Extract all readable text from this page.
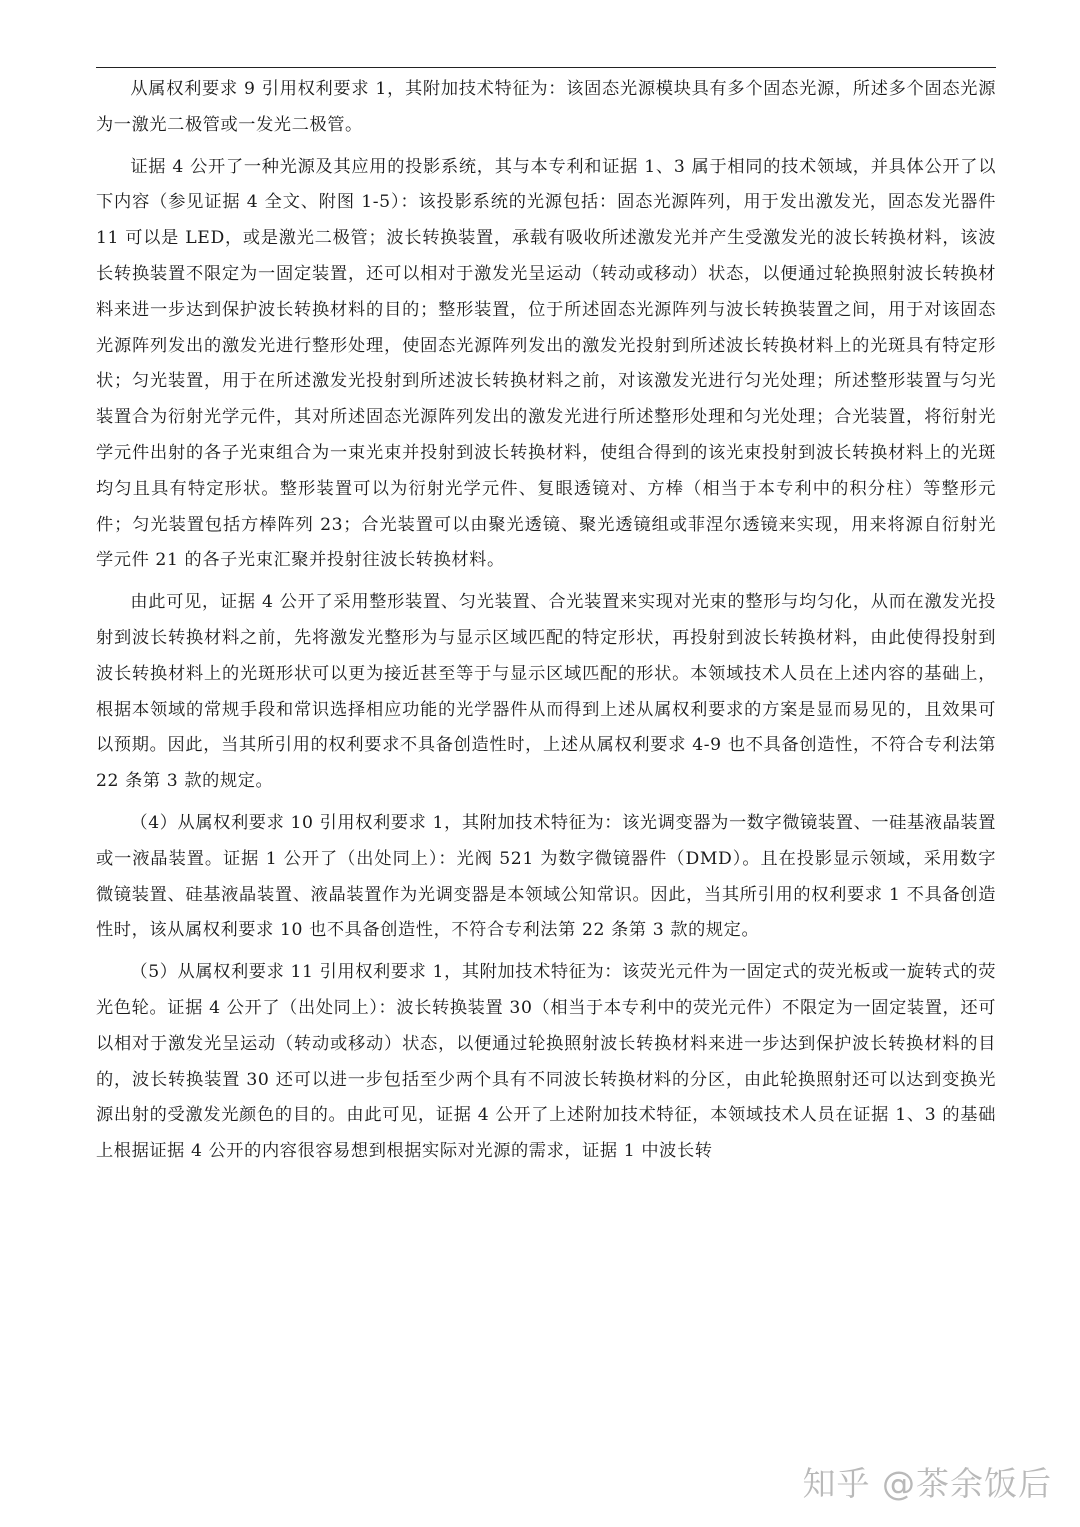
从属权利要求 9 引用权利要求 1，其附加技术特征为：该固态光源模块具有多个固态光源，所述多个固态光源为一激光二极管或一发光二极管。

证据 4 公开了一种光源及其应用的投影系统，其与本专利和证据 1、3 属于相同的技术领域，并具体公开了以下内容（参见证据 4 全文、附图 1-5）：该投影系统的光源包括：固态光源阵列，用于发出激发光，固态发光器件 11 可以是 LED，或是激光二极管；波长转换装置，承载有吸收所述激发光并产生受激发光的波长转换材料，该波长转换装置不限定为一固定装置，还可以相对于激发光呈运动（转动或移动）状态，以便通过轮换照射波长转换材料来进一步达到保护波长转换材料的目的；整形装置，位于所述固态光源阵列与波长转换装置之间，用于对该固态光源阵列发出的激发光进行整形处理，使固态光源阵列发出的激发光投射到所述波长转换材料上的光斑具有特定形状；匀光装置，用于在所述激发光投射到所述波长转换材料之前，对该激发光进行匀光处理；所述整形装置与匀光装置合为衍射光学元件，其对所述固态光源阵列发出的激发光进行所述整形处理和匀光处理；合光装置，将衍射光学元件出射的各子光束组合为一束光束并投射到波长转换材料，使组合得到的该光束投射到波长转换材料上的光斑均匀且具有特定形状。整形装置可以为衍射光学元件、复眼透镜对、方棒（相当于本专利中的积分柱）等整形元件；匀光装置包括方棒阵列 23；合光装置可以由聚光透镜、聚光透镜组或菲涅尔透镜来实现，用来将源自衍射光学元件 21 的各子光束汇聚并投射往波长转换材料。

由此可见，证据 4 公开了采用整形装置、匀光装置、合光装置来实现对光束的整形与均匀化，从而在激发光投射到波长转换材料之前，先将激发光整形为与显示区域匹配的特定形状，再投射到波长转换材料，由此使得投射到波长转换材料上的光斑形状可以更为接近甚至等于与显示区域匹配的形状。本领域技术人员在上述内容的基础上，根据本领域的常规手段和常识选择相应功能的光学器件从而得到上述从属权利要求的方案是显而易见的，且效果可以预期。因此，当其所引用的权利要求不具备创造性时，上述从属权利要求 4-9 也不具备创造性，不符合专利法第 22 条第 3 款的规定。

（4）从属权利要求 10 引用权利要求 1，其附加技术特征为：该光调变器为一数字微镜装置、一硅基液晶装置或一液晶装置。证据 1 公开了（出处同上）：光阀 521 为数字微镜器件（DMD）。且在投影显示领域，采用数字微镜装置、硅基液晶装置、液晶装置作为光调变器是本领域公知常识。因此，当其所引用的权利要求 1 不具备创造性时，该从属权利要求 10 也不具备创造性，不符合专利法第 22 条第 3 款的规定。

（5）从属权利要求 11 引用权利要求 1，其附加技术特征为：该荧光元件为一固定式的荧光板或一旋转式的荧光色轮。证据 4 公开了（出处同上）：波长转换装置 30（相当于本专利中的荧光元件）不限定为一固定装置，还可以相对于激发光呈运动（转动或移动）状态，以便通过轮换照射波长转换材料来进一步达到保护波长转换材料的目的，波长转换装置 30 还可以进一步包括至少两个具有不同波长转换材料的分区，由此轮换照射还可以达到变换光源出射的受激发光颜色的目的。由此可见，证据 4 公开了上述附加技术特征，本领域技术人员在证据 1、3 的基础上根据证据 4 公开的内容很容易想到根据实际对光源的需求，证据 1 中波长转

知乎 @茶余饭后
